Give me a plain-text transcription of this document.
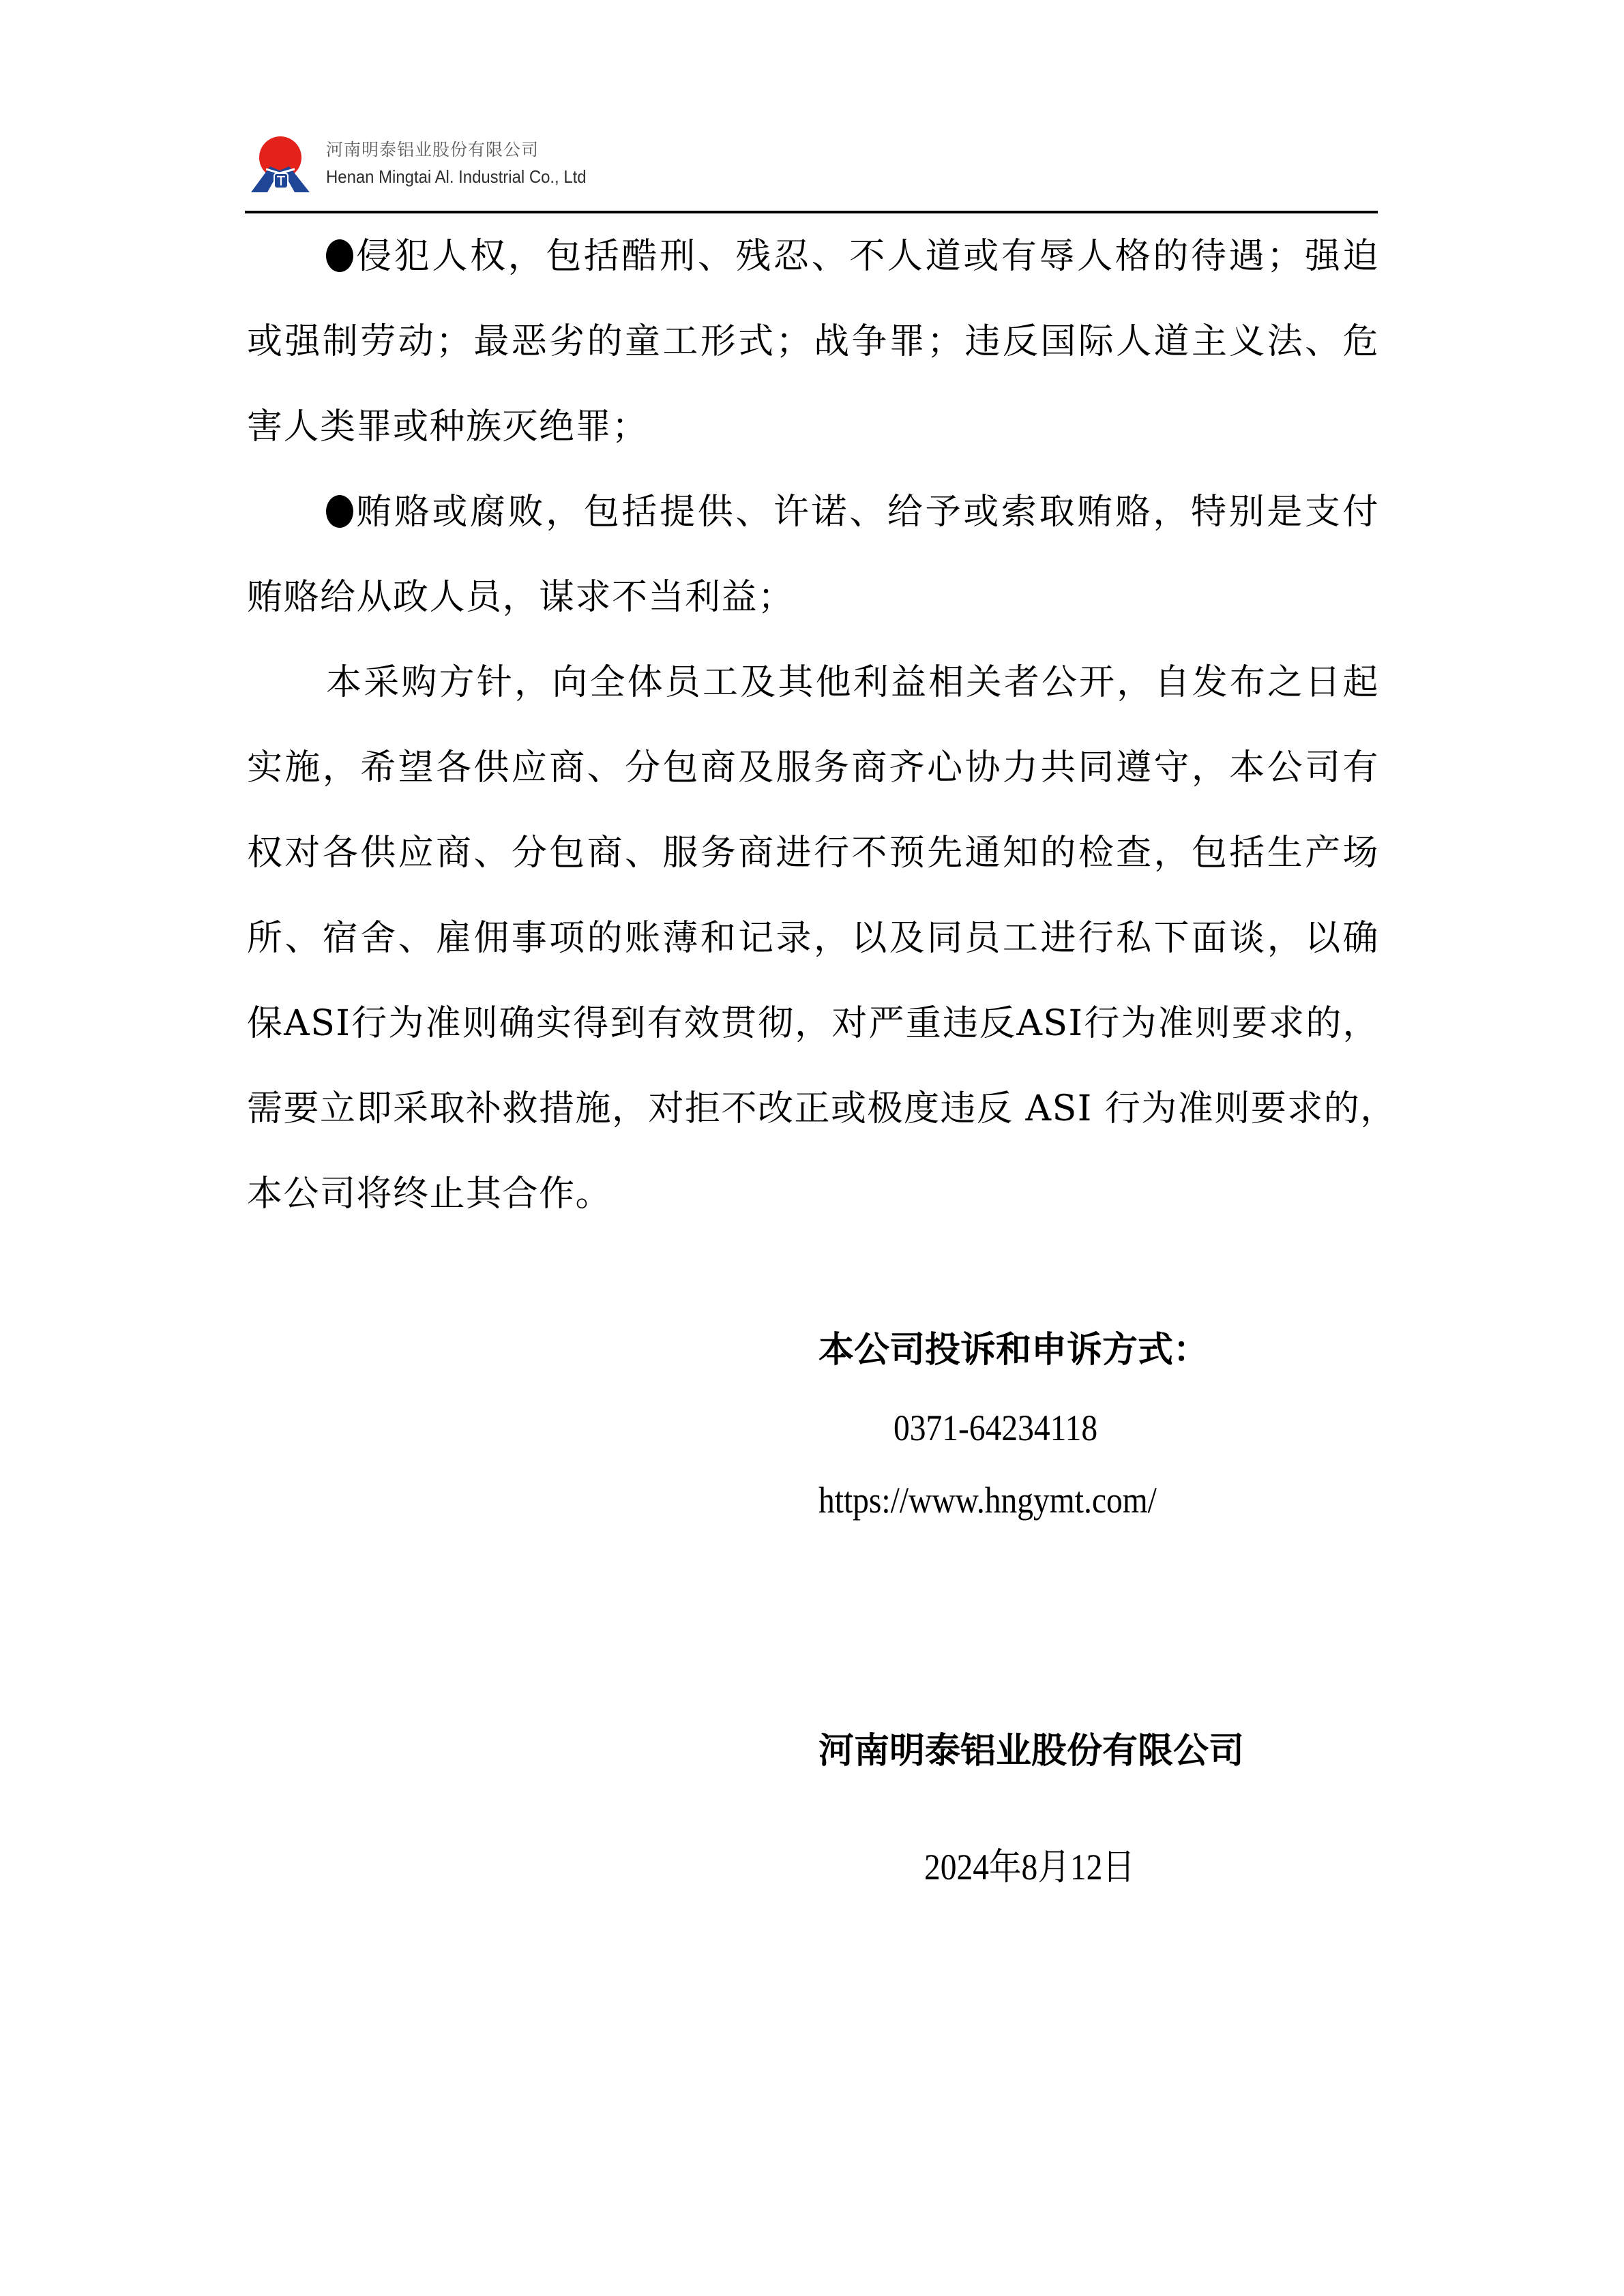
河南明泰铝业股份有限公司
Henan Mingtai Al. Industrial Co., Ltd
侵犯人权，包括酷刑、残忍、不人道或有辱人格的待遇；强迫
或强制劳动；最恶劣的童工形式；战争罪；违反国际人道主义法、危
害人类罪或种族灭绝罪；
贿赂或腐败，包括提供、许诺、给予或索取贿赂，特别是支付
贿赂给从政人员，谋求不当利益；
本采购方针，向全体员工及其他利益相关者公开，自发布之日起
实施，希望各供应商、分包商及服务商齐心协力共同遵守，本公司有
权对各供应商、分包商、服务商进行不预先通知的检查，包括生产场
所、宿舍、雇佣事项的账薄和记录，以及同员工进行私下面谈，以确
保ASI行为准则确实得到有效贯彻，对严重违反ASI行为准则要求的，
需要立即采取补救措施，对拒不改正或极度违反 ASI 行为准则要求的，
本公司将终止其合作。
本公司投诉和申诉方式：
0371-64234118
https://www.hngymt.com/
河南明泰铝业股份有限公司
2024年8月12日
